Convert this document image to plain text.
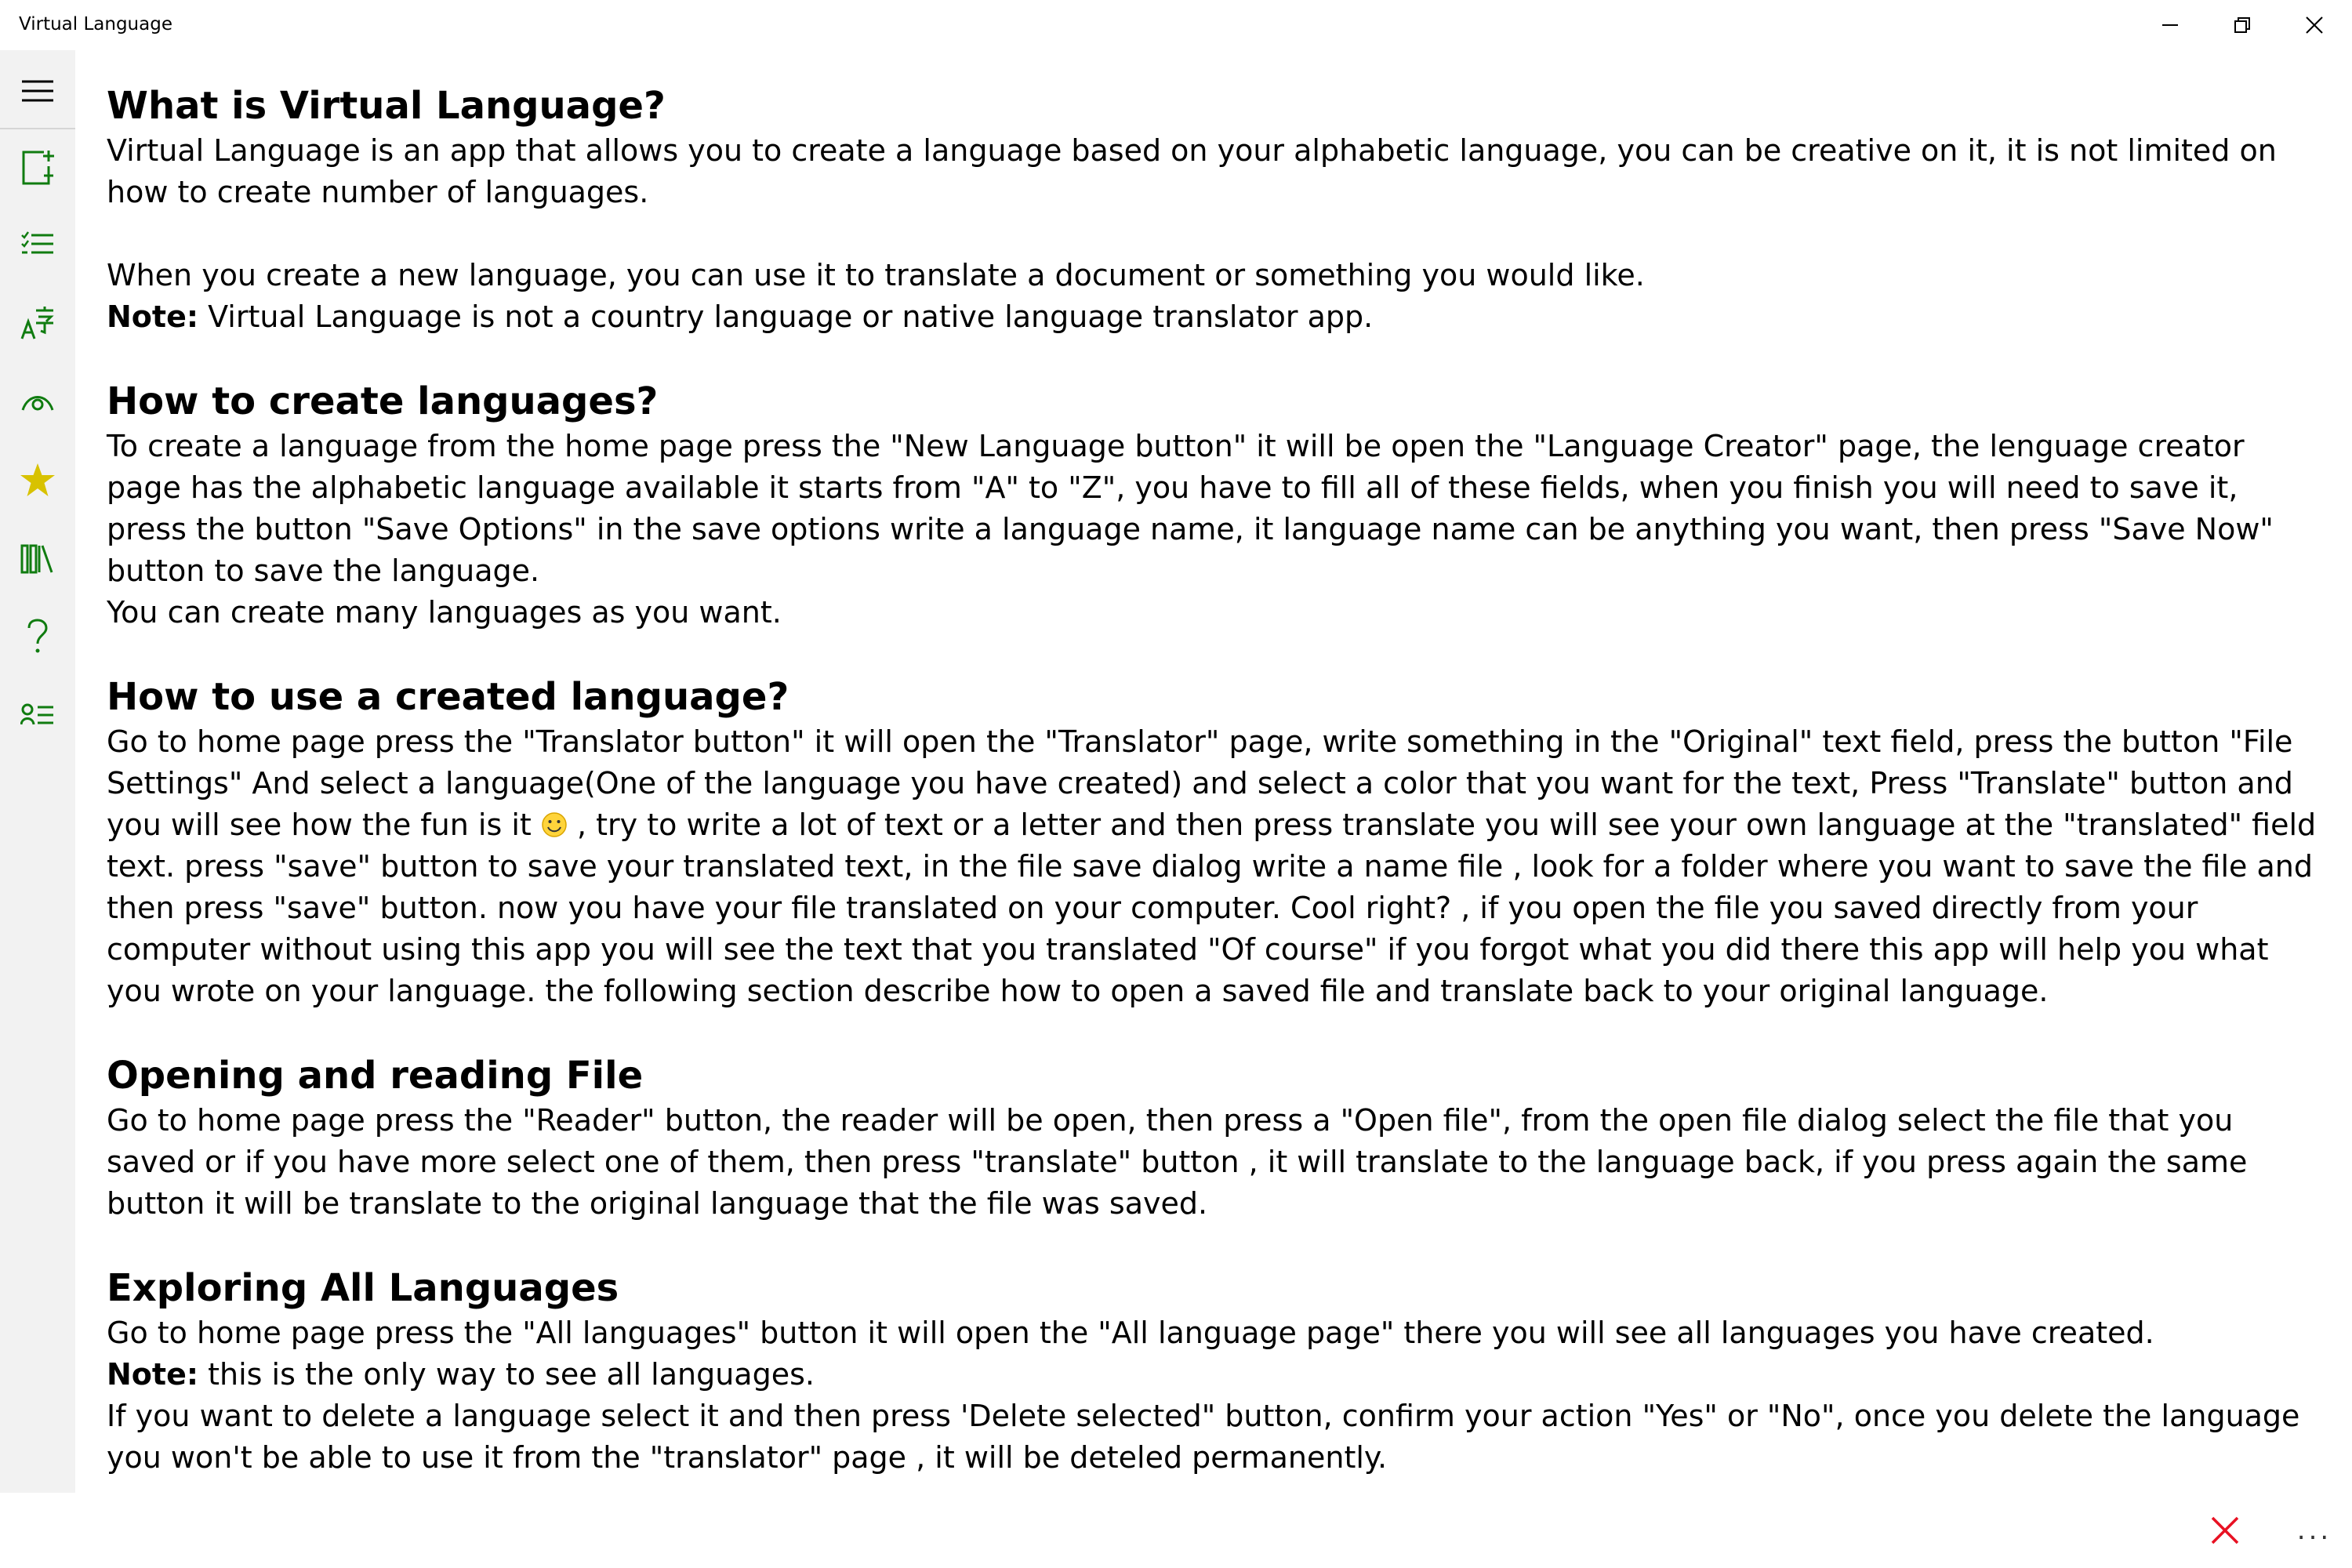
Virtual Language
What is Virtual Language?

Virtual Language is an app that allows you to create a language based on your alphabetic language, you can be creative on it, it is not limited on how to create number of languages.

When you create a new language, you can use it to translate a document or something you would like.

Note: Virtual Language is not a country language or native language translator app.

How to create languages?

To create a language from the home page press the "New Language button" it will be open the "Language Creator" page, the lenguage creator page has the alphabetic language available it starts from "A" to "Z", you have to fill all of these fields, when you finish you will need to save it, press the button "Save Options" in the save options write a language name, it language name can be anything you want, then press "Save Now" button to save the language.

You can create many languages as you want.

How to use a created language?

Go to home page press the "Translator button" it will open the "Translator" page, write something in the "Original" text field, press the button "File Settings" And select a language(One of the language you have created) and select a color that you want for the text, Press "Translate" button and you will see how the fun is it  , try to write a lot of text or a letter and then press translate you will see your own language at the "translated" field text. press "save" button to save your translated text, in the file save dialog write a name file , look for a folder where you want to save the file and then press "save" button. now you have your file translated on your computer. Cool right? , if you open the file you saved directly from your computer without using this app you will see the text that you translated "Of course" if you forgot what you did there this app will help you what you wrote on your language. the following section describe how to open a saved file and translate back to your original language.

Opening and reading File

Go to home page press the "Reader" button, the reader will be open, then press a "Open file", from the open file dialog select the file that you saved or if you have more select one of them, then press "translate" button , it will translate to the language back, if you press again the same button it will be translate to the original language that the file was saved.

Exploring All Languages

Go to home page press the "All languages" button it will open the "All language page" there you will see all languages you have created.

Note: this is the only way to see all languages.

If you want to delete a language select it and then press 'Delete selected" button, confirm your action "Yes" or "No", once you delete the language you won't be able to use it from the "translator" page , it will be deteled permanently.

...
